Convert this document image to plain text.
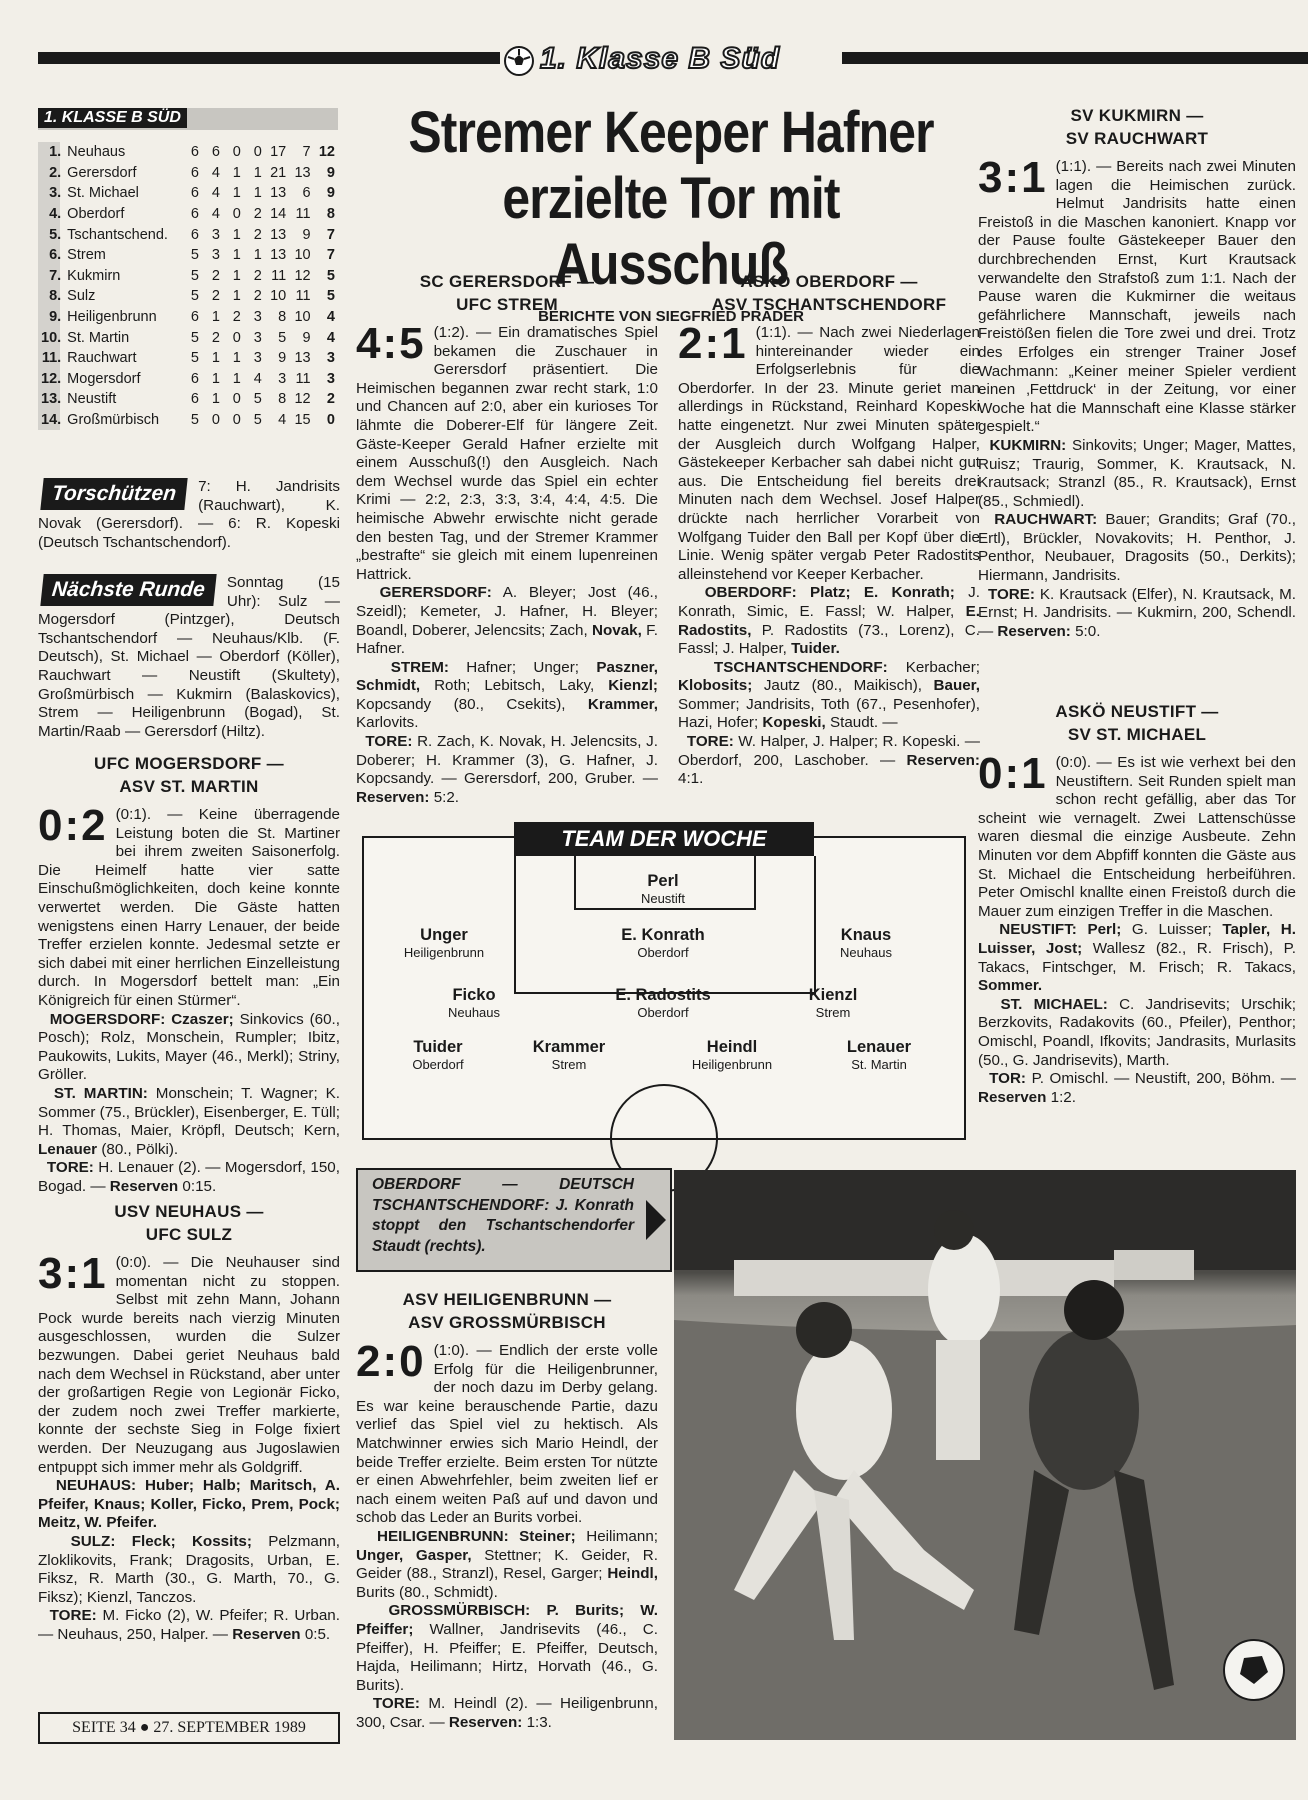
1. Klasse B Süd
1. KLASSE B SÜD
1.	Neuhaus	6	6	0	0	17	7	12
2.	Gerersdorf	6	4	1	1	21	13	9
3.	St. Michael	6	4	1	1	13	6	9
4.	Oberdorf	6	4	0	2	14	11	8
5.	Tschantschend.	6	3	1	2	13	9	7
6.	Strem	5	3	1	1	13	10	7
7.	Kukmirn	5	2	1	2	11	12	5
8.	Sulz	5	2	1	2	10	11	5
9.	Heiligenbrunn	6	1	2	3	8	10	4
10.	St. Martin	5	2	0	3	5	9	4
11.	Rauchwart	5	1	1	3	9	13	3
12.	Mogersdorf	6	1	1	4	3	11	3
13.	Neustift	6	1	0	5	8	12	2
14.	Großmürbisch	5	0	0	5	4	15	0
Torschützen	7: H. Jandrisits (Rauchwart), K. Novak (Gerersdorf). — 6: R. Kopeski (Deutsch Tschantschendorf).
Nächste Runde	Sonntag (15 Uhr): Sulz — Mogersdorf (Pintzger), Deutsch Tschantschendorf — Neuhaus/Klb. (F. Deutsch), St. Michael — Oberdorf (Köller), Rauchwart — Neustift (Skultety), Großmürbisch — Kukmirn (Balaskovics), Strem — Heiligenbrunn (Bogad), St. Martin/Raab — Gerersdorf (Hiltz).
UFC MOGERSDORF —
ASV ST. MARTIN
0:2 (0:1). — Keine überragende Leistung boten die St. Martiner bei ihrem zweiten Saisonerfolg. Die Heimelf hatte vier satte Einschußmöglichkeiten, doch keine konnte verwertet werden. Die Gäste hatten wenigstens einen Harry Lenauer, der beide Treffer erzielen konnte. Jedesmal setzte er sich dabei mit einer herrlichen Einzelleistung durch. In Mogersdorf bettelt man: „Ein Königreich für einen Stürmer“.
MOGERSDORF: Czaszer; Sinkovics (60., Posch); Rolz, Monschein, Rumpler; Ibitz, Paukowits, Lukits, Mayer (46., Merkl); Striny, Gröller.
ST. MARTIN: Monschein; T. Wagner; K. Sommer (75., Brückler), Eisenberger, E. Tüll; H. Thomas, Maier, Kröpfl, Deutsch; Kern, Lenauer (80., Pölki).
TORE: H. Lenauer (2). — Mogersdorf, 150, Bogad. — Reserven 0:15.
USV NEUHAUS —
UFC SULZ
3:1 (0:0). — Die Neuhauser sind momentan nicht zu stoppen. Selbst mit zehn Mann, Johann Pock wurde bereits nach vierzig Minuten ausgeschlossen, wurden die Sulzer bezwungen. Dabei geriet Neuhaus bald nach dem Wechsel in Rückstand, aber unter der großartigen Regie von Legionär Ficko, der zudem noch zwei Treffer markierte, konnte der sechste Sieg in Folge fixiert werden. Der Neuzugang aus Jugoslawien entpuppt sich immer mehr als Goldgriff.
NEUHAUS: Huber; Halb; Maritsch, A. Pfeifer, Knaus; Koller, Ficko, Prem, Pock; Meitz, W. Pfeifer.
SULZ: Fleck; Kossits; Pelzmann, Zloklikovits, Frank; Dragosits, Urban, E. Fiksz, R. Marth (30., G. Marth, 70., G. Fiksz); Kienzl, Tanczos.
TORE: M. Ficko (2), W. Pfeifer; R. Urban. — Neuhaus, 250, Halper. — Reserven 0:5.
SEITE 34 ● 27. SEPTEMBER 1989
Stremer Keeper Hafner
erzielte Tor mit Ausschuß
BERICHTE VON SIEGFRIED PRADER
SC GERERSDORF —
UFC STREM
4:5 (1:2). — Ein dramatisches Spiel bekamen die Zuschauer in Gerersdorf präsentiert. Die Heimischen begannen zwar recht stark, 1:0 und Chancen auf 2:0, aber ein kurioses Tor lähmte die Doberer-Elf für längere Zeit. Gäste-Keeper Gerald Hafner erzielte mit einem Ausschuß(!) den Ausgleich. Nach dem Wechsel wurde das Spiel ein echter Krimi — 2:2, 2:3, 3:3, 3:4, 4:4, 4:5. Die heimische Abwehr erwischte nicht gerade den besten Tag, und der Stremer Krammer „bestrafte“ sie gleich mit einem lupenreinen Hattrick.
GERERSDORF: A. Bleyer; Jost (46., Szeidl); Kemeter, J. Hafner, H. Bleyer; Boandl, Doberer, Jelencsits; Zach, Novak, F. Hafner.
STREM: Hafner; Unger; Paszner, Schmidt, Roth; Lebitsch, Laky, Kienzl; Kopcsandy (80., Csekits), Krammer, Karlovits.
TORE: R. Zach, K. Novak, H. Jelencsits, J. Doberer; H. Krammer (3), G. Hafner, J. Kopcsandy. — Gerersdorf, 200, Gruber. — Reserven: 5:2.
ASKÖ OBERDORF —
ASV TSCHANTSCHENDORF
2:1 (1:1). — Nach zwei Niederlagen hintereinander wieder ein Erfolgserlebnis für die Oberdorfer. In der 23. Minute geriet man allerdings in Rückstand, Reinhard Kopeski hatte eingenetzt. Nur zwei Minuten später der Ausgleich durch Wolfgang Halper, Gästekeeper Kerbacher sah dabei nicht gut aus. Die Entscheidung fiel bereits drei Minuten nach dem Wechsel. Josef Halper drückte nach herrlicher Vorarbeit von Wolfgang Tuider den Ball per Kopf über die Linie. Wenig später vergab Peter Radostits alleinstehend vor Keeper Kerbacher.
OBERDORF: Platz; E. Konrath; J. Konrath, Simic, E. Fassl; W. Halper, E. Radostits, P. Radostits (73., Lorenz), C. Fassl; J. Halper, Tuider.
TSCHANTSCHENDORF: Kerbacher; Klobosits; Jautz (80., Maikisch), Bauer, Sommer; Jandrisits, Toth (67., Pesenhofer), Hazi, Hofer; Kopeski, Staudt. —
TORE: W. Halper, J. Halper; R. Kopeski. — Oberdorf, 200, Laschober. — Reserven: 4:1.
TEAM DER WOCHE
Perl
Neustift
Unger
Heiligenbrunn
E. Konrath
Oberdorf
Knaus
Neuhaus
Ficko
Neuhaus
E. Radostits
Oberdorf
Kienzl
Strem
Tuider
Oberdorf
Krammer
Strem
Heindl
Heiligenbrunn
Lenauer
St. Martin
OBERDORF — DEUTSCH TSCHANTSCHENDORF: J. Konrath stoppt den Tschantschendorfer Staudt (rechts).
ASV HEILIGENBRUNN —
ASV GROSSMÜRBISCH
2:0 (1:0). — Endlich der erste volle Erfolg für die Heiligenbrunner, der noch dazu im Derby gelang. Es war keine berauschende Partie, dazu verlief das Spiel viel zu hektisch. Als Matchwinner erwies sich Mario Heindl, der beide Treffer erzielte. Beim ersten Tor nützte er einen Abwehrfehler, beim zweiten lief er nach einem weiten Paß auf und davon und schob das Leder an Burits vorbei.
HEILIGENBRUNN: Steiner; Heilimann; Unger, Gasper, Stettner; K. Geider, R. Geider (88., Stranzl), Resel, Garger; Heindl, Burits (80., Schmidt).
GROSSMÜRBISCH: P. Burits; W. Pfeiffer; Wallner, Jandrisevits (46., C. Pfeiffer), H. Pfeiffer; E. Pfeiffer, Deutsch, Hajda, Heilimann; Hirtz, Horvath (46., G. Burits).
TORE: M. Heindl (2). — Heiligenbrunn, 300, Csar. — Reserven: 1:3.
SV KUKMIRN —
SV RAUCHWART
3:1 (1:1). — Bereits nach zwei Minuten lagen die Heimischen zurück. Helmut Jandrisits hatte einen Freistoß in die Maschen kanoniert. Knapp vor der Pause foulte Gästekeeper Bauer den durchbrechenden Ernst, Kurt Krautsack verwandelte den Strafstoß zum 1:1. Nach der Pause waren die Kukmirner die weitaus gefährlichere Mannschaft, jeweils nach Freistößen fielen die Tore zwei und drei. Trotz des Erfolges ein strenger Trainer Josef Wachmann: „Keiner meiner Spieler verdient einen ‚Fettdruck‘ in der Zeitung, vor einer Woche hat die Mannschaft eine Klasse stärker gespielt.“
KUKMIRN: Sinkovits; Unger; Mager, Mattes, Ruisz; Traurig, Sommer, K. Krautsack, N. Krautsack; Stranzl (85., R. Krautsack), Ernst (85., Schmiedl).
RAUCHWART: Bauer; Grandits; Graf (70., Ertl), Brückler, Novakovits; H. Penthor, J. Penthor, Neubauer, Dragosits (50., Derkits); Hiermann, Jandrisits.
TORE: K. Krautsack (Elfer), N. Krautsack, M. Ernst; H. Jandrisits. — Kukmirn, 200, Schendl. — Reserven: 5:0.
ASKÖ NEUSTIFT —
SV ST. MICHAEL
0:1 (0:0). — Es ist wie verhext bei den Neustiftern. Seit Runden spielt man schon recht gefällig, aber das Tor scheint wie vernagelt. Zwei Lattenschüsse waren diesmal die einzige Ausbeute. Zehn Minuten vor dem Abpfiff konnten die Gäste aus St. Michael die Entscheidung herbeiführen. Peter Omischl knallte einen Freistoß durch die Mauer zum einzigen Treffer in die Maschen.
NEUSTIFT: Perl; G. Luisser; Tapler, H. Luisser, Jost; Wallesz (82., R. Frisch), P. Takacs, Fintschger, M. Frisch; R. Takacs, Sommer.
ST. MICHAEL: C. Jandrisevits; Urschik; Berzkovits, Radakovits (60., Pfeiler), Penthor; Omischl, Poandl, Ifkovits; Jandrasits, Murlasits (50., G. Jandrisevits), Marth.
TOR: P. Omischl. — Neustift, 200, Böhm. — Reserven 1:2.
